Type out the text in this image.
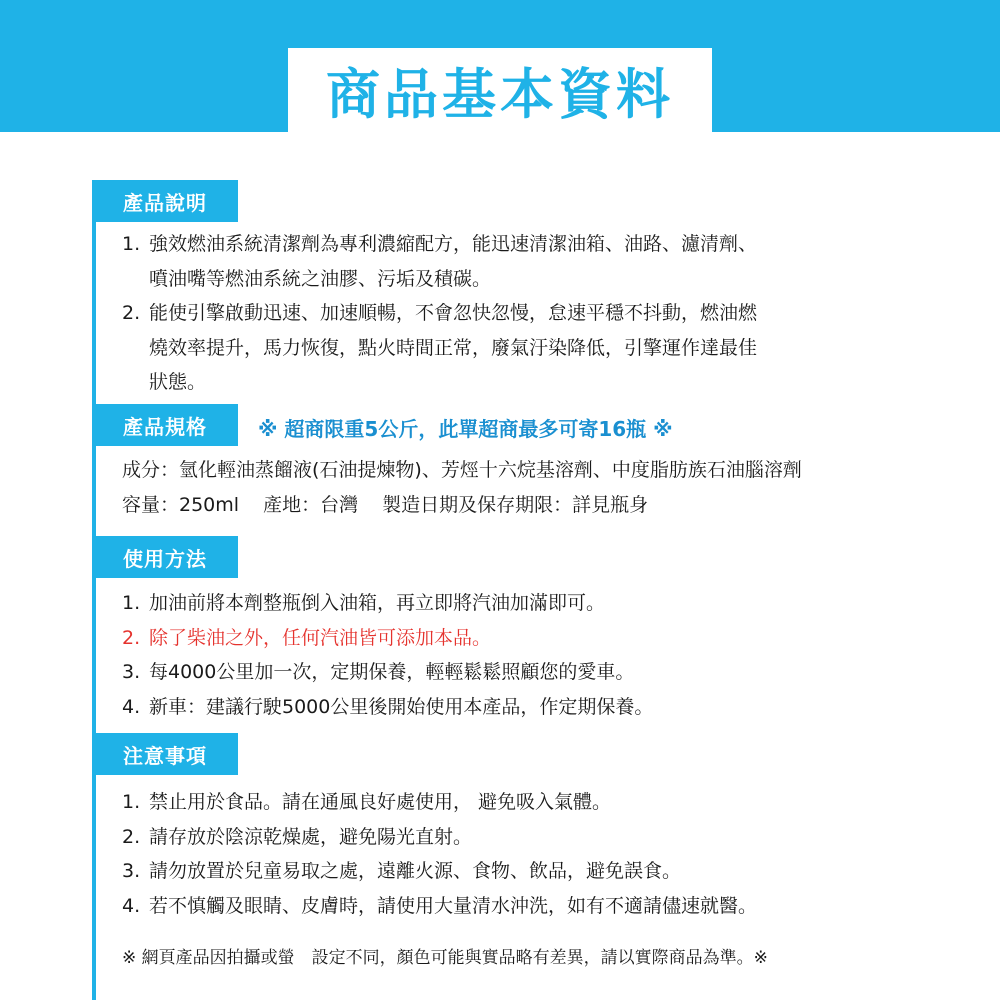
商品基本資料
產品說明
1. 強效燃油系統清潔劑為專利濃縮配方，能迅速清潔油箱、油路、濾清劑、
噴油嘴等燃油系統之油膠、污垢及積碳。
2. 能使引擎啟動迅速、加速順暢，不會忽快忽慢，怠速平穩不抖動，燃油燃
燒效率提升，馬力恢復，點火時間正常，廢氣汙染降低，引擎運作達最佳
狀態。
產品規格	※ 超商限重5公斤，此單超商最多可寄16瓶 ※
成分：氫化輕油蒸餾液(石油提煉物)、芳烴十六烷基溶劑、中度脂肪族石油腦溶劑
容量：250ml 產地：台灣 製造日期及保存期限：詳見瓶身
使用方法
1. 加油前將本劑整瓶倒入油箱，再立即將汽油加滿即可。
2. 除了柴油之外，任何汽油皆可添加本品。
3. 每4000公里加一次，定期保養，輕輕鬆鬆照顧您的愛車。
4. 新車：建議行駛5000公里後開始使用本產品，作定期保養。
注意事項
1. 禁止用於食品。請在通風良好處使用， 避免吸入氣體。
2. 請存放於陰涼乾燥處，避免陽光直射。
3. 請勿放置於兒童易取之處，遠離火源、食物、飲品，避免誤食。
4. 若不慎觸及眼睛、皮膚時，請使用大量清水沖洗，如有不適請儘速就醫。
※ 網頁產品因拍攝或螢　設定不同，顏色可能與實品略有差異，請以實際商品為準。※
